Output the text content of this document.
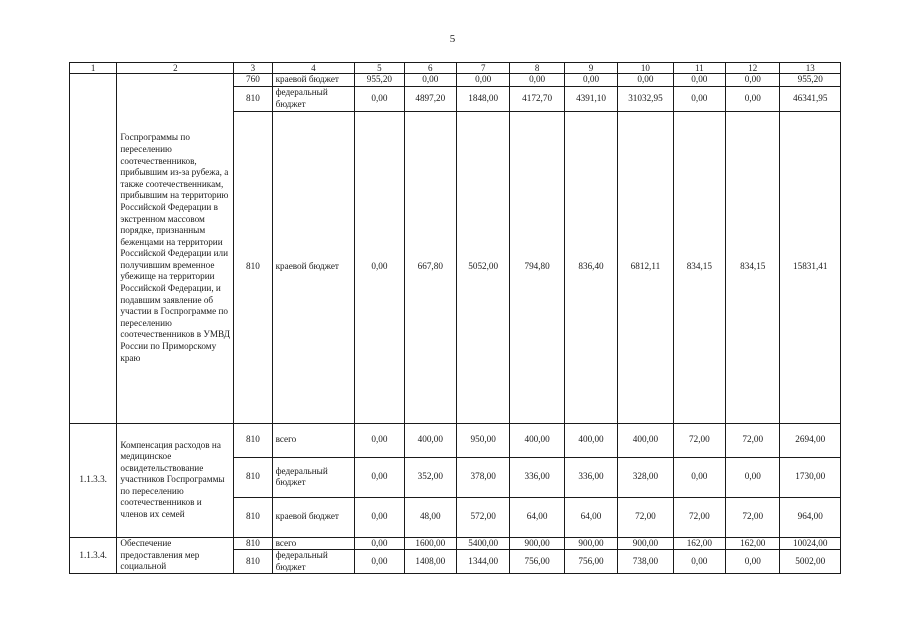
5
1	2	3	4	5	6	7	8	9	10	11	12	13
	Госпрограммы по переселению соотечественников, прибывшим из-за рубежа, а также соотечественникам, прибывшим на территорию Российской Федерации в экстренном массовом порядке, признанным беженцами на территории Российской Федерации или получившим временное убежище на территории Российской Федерации, и подавшим заявление об участии в Госпрограмме по переселению соотечественников в УМВД России по Приморскому краю	760	краевой бюджет	955,20	0,00	0,00	0,00	0,00	0,00	0,00	0,00	955,20
		810	федеральный бюджет	0,00	4897,20	1848,00	4172,70	4391,10	31032,95	0,00	0,00	46341,95
		810	краевой бюджет	0,00	667,80	5052,00	794,80	836,40	6812,11	834,15	834,15	15831,41
1.1.3.3.	Компенсация расходов на медицинское освидетельствование участников Госпрограммы по переселению соотечественников и членов их семей	810	всего	0,00	400,00	950,00	400,00	400,00	400,00	72,00	72,00	2694,00
		810	федеральный бюджет	0,00	352,00	378,00	336,00	336,00	328,00	0,00	0,00	1730,00
		810	краевой бюджет	0,00	48,00	572,00	64,00	64,00	72,00	72,00	72,00	964,00
1.1.3.4.	Обеспечение предоставления мер социальной	810	всего	0,00	1600,00	5400,00	900,00	900,00	900,00	162,00	162,00	10024,00
		810	федеральный бюджет	0,00	1408,00	1344,00	756,00	756,00	738,00	0,00	0,00	5002,00
